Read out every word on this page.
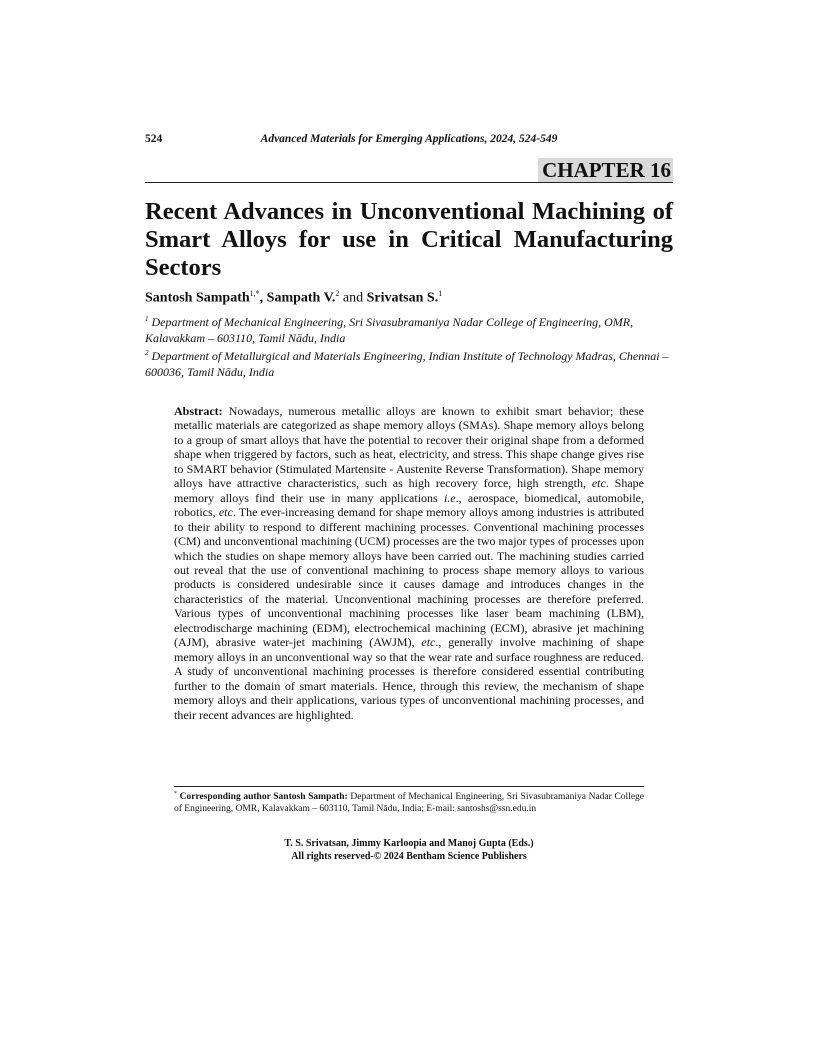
524	Advanced Materials for Emerging Applications, 2024, 524-549
CHAPTER 16
Recent Advances in Unconventional Machining of Smart Alloys for use in Critical Manufacturing Sectors
Santosh Sampath$^{1,*}$, Sampath V.$^2$ and Srivatsan S.$^1$
$^1$ Department of Mechanical Engineering, Sri Sivasubramaniya Nadar College of Engineering, OMR, Kalavakkam – 603110, Tamil Nādu, India
$^2$ Department of Metallurgical and Materials Engineering, Indian Institute of Technology Madras, Chennai – 600036, Tamil Nādu, India

Abstract: Nowadays, numerous metallic alloys are known to exhibit smart behavior; these metallic materials are categorized as shape memory alloys (SMAs). Shape memory alloys belong to a group of smart alloys that have the potential to recover their original shape from a deformed shape when triggered by factors, such as heat, electricity, and stress. This shape change gives rise to SMART behavior (Stimulated Martensite - Austenite Reverse Transformation). Shape memory alloys have attractive characteristics, such as high recovery force, high strength, etc. Shape memory alloys find their use in many applications i.e., aerospace, biomedical, automobile, robotics, etc. The ever-increasing demand for shape memory alloys among industries is attributed to their ability to respond to different machining processes. Conventional machining processes (CM) and unconventional machining (UCM) processes are the two major types of processes upon which the studies on shape memory alloys have been carried out. The machining studies carried out reveal that the use of conventional machining to process shape memory alloys to various products is considered undesirable since it causes damage and introduces changes in the characteristics of the material. Unconventional machining processes are therefore preferred. Various types of unconventional machining processes like laser beam machining (LBM), electrodischarge machining (EDM), electrochemical machining (ECM), abrasive jet machining (AJM), abrasive water-jet machining (AWJM), etc., generally involve machining of shape memory alloys in an unconventional way so that the wear rate and surface roughness are reduced. A study of unconventional machining processes is therefore considered essential contributing further to the domain of smart materials. Hence, through this review, the mechanism of shape memory alloys and their applications, various types of unconventional machining processes, and their recent advances are highlighted.

* Corresponding author Santosh Sampath: Department of Mechanical Engineering, Sri Sivasubramaniya Nadar College of Engineering, OMR, Kalavakkam – 603110, Tamil Nādu, India; E-mail: santoshs@ssn.edu.in

T. S. Srivatsan, Jimmy Karloopia and Manoj Gupta (Eds.)
All rights reserved-© 2024 Bentham Science Publishers
